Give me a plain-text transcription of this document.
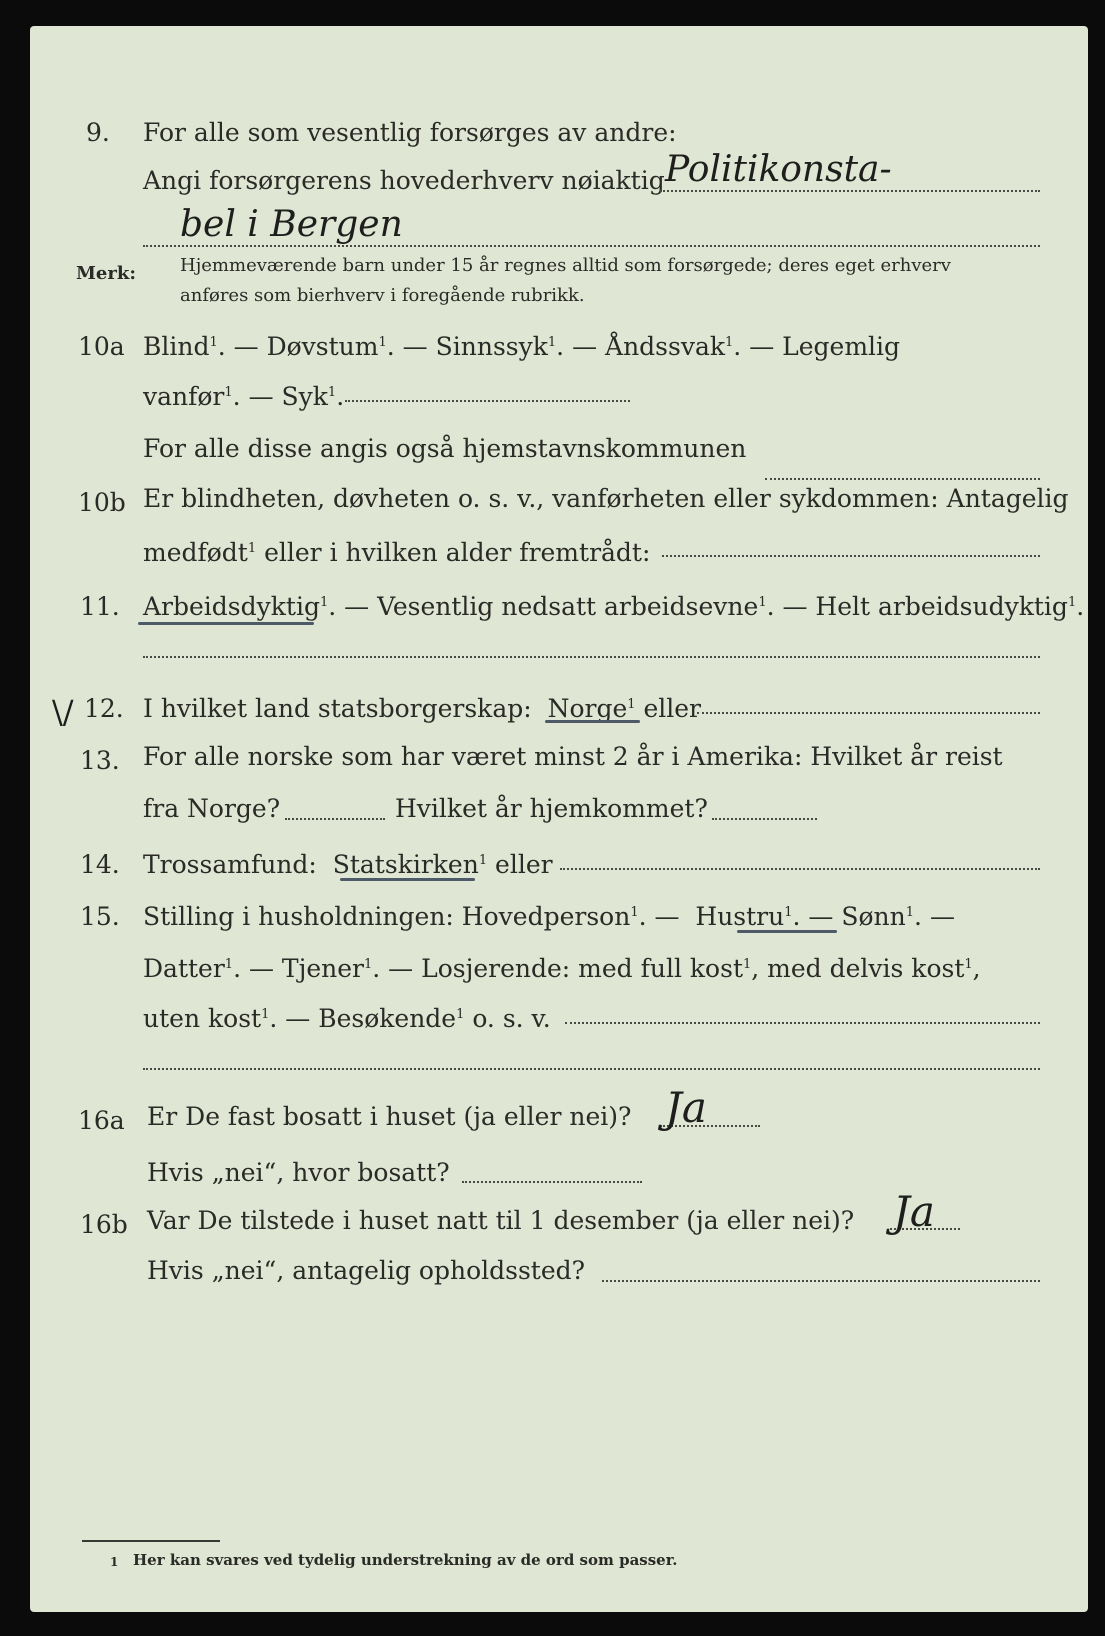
9. For alle som vesentlig forsørges av andre:
Angi forsørgerens hovederhverv nøiaktig Politikonsta-
bel i Bergen
Merk: Hjemmeværende barn under 15 år regnes alltid som forsørgede; deres eget erhverv
anføres som bierhverv i foregående rubrikk.
10a Blind$^1$. — Døvstum$^1$. — Sinnssyk$^1$. — Åndssvak$^1$. — Legemlig
vanfør$^1$. — Syk$^1$.
For alle disse angis også hjemstavnskommunen
10b Er blindheten, døvheten o. s. v., vanførheten eller sykdommen: Antagelig
medfødt$^1$ eller i hvilken alder fremtrådt:
11. Arbeidsdyktig$^1$. — Vesentlig nedsatt arbeidsevne$^1$. — Helt arbeidsudyktig$^1$.
\/ 12. I hvilket land statsborgerskap: Norge$^1$ eller
13. For alle norske som har været minst 2 år i Amerika: Hvilket år reist
fra Norge?	Hvilket år hjemkommet?
14. Trossamfund: Statskirken$^1$ eller
15. Stilling i husholdningen: Hovedperson$^1$. — Hustru$^1$. — Sønn$^1$. —
Datter$^1$. — Tjener$^1$. — Losjerende: med full kost$^1$, med delvis kost$^1$,
uten kost$^1$. — Besøkende$^1$ o. s. v.
16a Er De fast bosatt i huset (ja eller nei)? Ja
Hvis „nei“, hvor bosatt?
16b Var De tilstede i huset natt til 1 desember (ja eller nei)? Ja
Hvis „nei“, antagelig opholdssted?
1 Her kan svares ved tydelig understrekning av de ord som passer.
